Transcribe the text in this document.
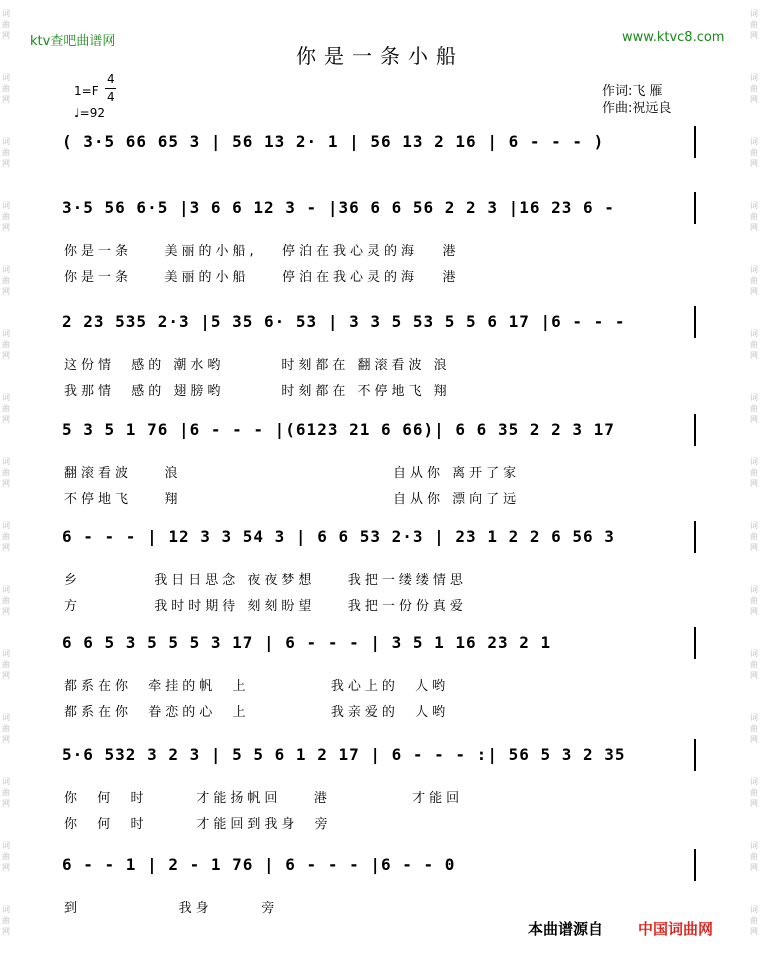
词
曲
网
词
曲
网
词
曲
网
词
曲
网
词
曲
网
词
曲
网
词
曲
网
词
曲
网
词
曲
网
词
曲
网
词
曲
网
词
曲
网
词
曲
网
词
曲
网
词
曲
网
词
曲
网
词
曲
网
词
曲
网
词
曲
网
词
曲
网
词
曲
网
词
曲
网
词
曲
网
词
曲
网
词
曲
网
词
曲
网
词
曲
网
词
曲
网
词
曲
网
词
曲
网
ktv查吧曲谱网	www.ktvc8.com
你是一条小船
1=F
4
4
♩=92
作词:飞 雁
作曲:祝远良
( 3·5 66 65 3 | 56 13 2· 1 | 56 13 2 16 | 6 - - - )
3·5 56 6·5 |3 6 6 12 3 - |36 6 6 56 2 2 3 |16 23 6 -
你是一条    美丽的小船,   停泊在我心灵的海   港
你是一条    美丽的小船    停泊在我心灵的海   港
2 23 535 2·3 |5 35 6· 53 | 3 3 5 53 5 5 6 17 |6 - - -
这份情  感的 潮水哟       时刻都在 翻滚看波 浪
我那情  感的 翅膀哟       时刻都在 不停地飞 翔
5 3 5 1 76 |6 - - - |(6123 21 6 66)| 6 6 35 2 2 3 17
翻滚看波    浪                          自从你 离开了家
不停地飞    翔                          自从你 漂向了远
6 - - - | 12 3 3 54 3 | 6 6 53 2·3 | 23 1 2 2 6 56 3
乡         我日日思念 夜夜梦想    我把一缕缕情思
方         我时时期待 刻刻盼望    我把一份份真爱
6 6 5 3 5 5 5 3 17 | 6 - - - | 3 5 1 16 23 2 1
都系在你  牵挂的帆  上          我心上的  人哟
都系在你  眷恋的心  上          我亲爱的  人哟
5·6 532 3 2 3 | 5 5 6 1 2 17 | 6 - - - :| 56 5 3 2 35
你  何  时      才能扬帆回    港          才能回
你  何  时      才能回到我身  旁
6 - - 1 | 2 - 1 76 | 6 - - - |6 - - 0
到            我身      旁
本曲谱源自 中国词曲网
